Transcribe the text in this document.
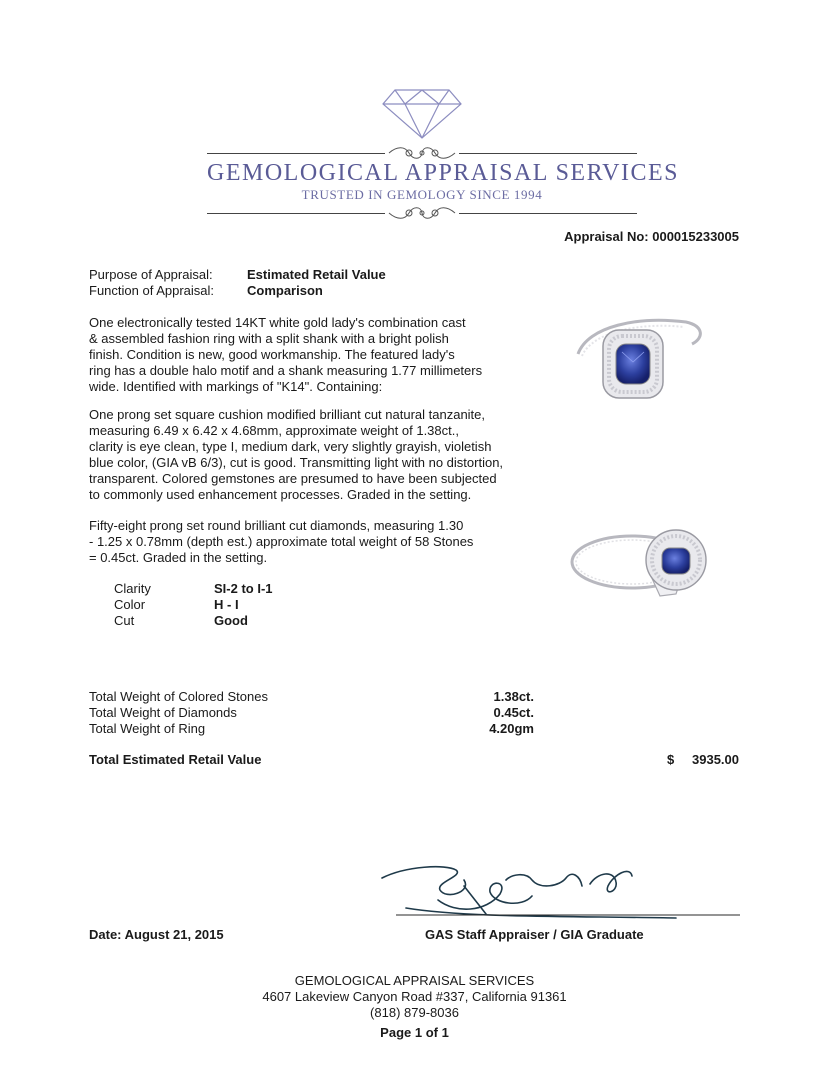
GEMOLOGICAL APPRAISAL SERVICES
TRUSTED IN GEMOLOGY SINCE 1994
Appraisal No: 000015233005
Purpose of Appraisal:	Estimated Retail Value
Function of Appraisal:	Comparison
One electronically tested 14KT white gold lady's combination cast
& assembled fashion ring with a split shank with a bright polish
finish. Condition is new, good workmanship. The featured lady's
ring has a double halo motif and a shank measuring 1.77 millimeters
wide. Identified with markings of "K14". Containing:
One prong set square cushion modified brilliant cut natural tanzanite,
measuring 6.49 x 6.42 x 4.68mm, approximate weight of 1.38ct.,
clarity is eye clean, type I, medium dark, very slightly grayish, violetish
blue color, (GIA vB 6/3), cut is good. Transmitting light with no distortion,
transparent. Colored gemstones are presumed to have been subjected
to commonly used enhancement processes. Graded in the setting.
Fifty-eight prong set round brilliant cut diamonds, measuring 1.30
- 1.25 x 0.78mm (depth est.) approximate total weight of 58 Stones
= 0.45ct. Graded in the setting.
Clarity	SI-2 to I-1
Color	H - I
Cut	Good
Total Weight of Colored Stones	1.38ct.
Total Weight of Diamonds	0.45ct.
Total Weight of Ring	4.20gm
Total Estimated Retail Value	$ 3935.00
Date: August 21, 2015	GAS Staff Appraiser / GIA Graduate
GEMOLOGICAL APPRAISAL SERVICES
4607 Lakeview Canyon Road #337, California 91361
(818) 879-8036
Page 1 of 1
